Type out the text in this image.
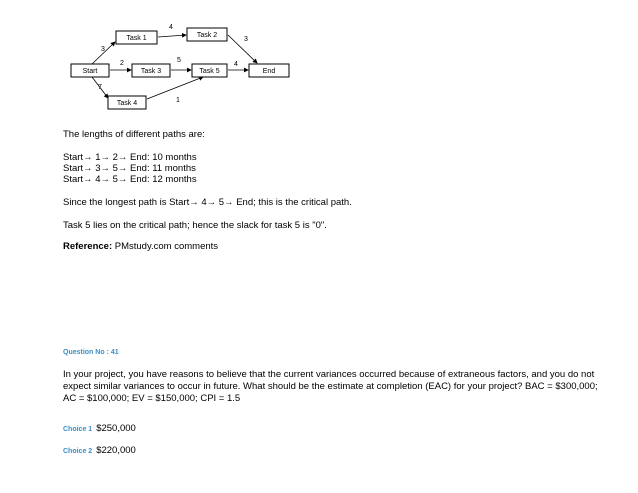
3
2
7
4
3
5
1
4
Start
Task 1	Task 2
Task 3
Task 4
Task 5	End
The lengths of different paths are:
Start→ 1→ 2→ End: 10 months
Start→ 3→ 5→ End: 11 months
Start→ 4→ 5→ End: 12 months
Since the longest path is Start→ 4→ 5→ End; this is the critical path.
Task 5 lies on the critical path; hence the slack for task 5 is "0".
Reference: PMstudy.com comments
Question No : 41
In your project, you have reasons to believe that the current variances occurred because of extraneous factors, and you do not expect similar variances to occur in future. What should be the estimate at completion (EAC) for your project? BAC = $300,000; AC = $100,000; EV = $150,000; CPI = 1.5
Choice 1 $250,000
Choice 2 $220,000
